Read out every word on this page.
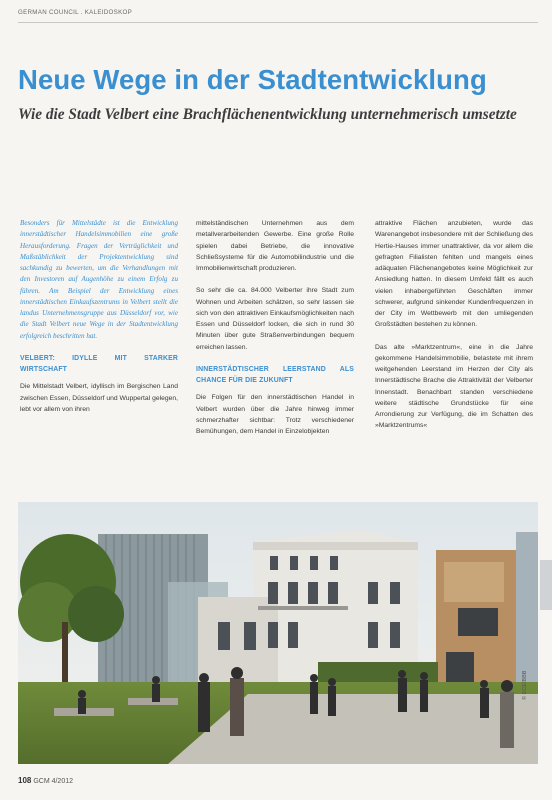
GERMAN COUNCIL . KALEIDOSKOP
Neue Wege in der Stadtentwicklung
Wie die Stadt Velbert eine Brachflächenentwicklung unternehmerisch umsetzte

Besonders für Mittelstädte ist die Entwicklung innerstädtischer Handelsimmobilien eine große Herausforderung. Fragen der Verträglichkeit und Maßstäblichkeit der Projektentwicklung sind sachkundig zu bewerten, um die Verhandlungen mit den Investoren auf Augenhöhe zu einem Erfolg zu führen. Am Beispiel der Entwicklung eines innerstädtischen Einkaufszentrums in Velbert stellt die landus Unternehmensgruppe aus Düsseldorf vor, wie die Stadt Velbert neue Wege in der Stadtentwicklung erfolgreich beschritten hat.

VELBERT: IDYLLE MIT STARKER WIRTSCHAFT

Die Mittelstadt Velbert, idyllisch im Bergischen Land zwischen Essen, Düsseldorf und Wuppertal gelegen, lebt vor allem von ihren

mittelständischen Unternehmen aus dem metallverarbeitenden Gewerbe. Eine große Rolle spielen dabei Betriebe, die innovative Schließsysteme für die Automobilindustrie und die Immobilienwirtschaft produzieren.

So sehr die ca. 84.000 Velberter ihre Stadt zum Wohnen und Arbeiten schätzen, so sehr lassen sie sich von den attraktiven Einkaufsmöglichkeiten nach Essen und Düsseldorf locken, die sich in rund 30 Minuten über gute Straßenverbindungen bequem erreichen lassen.

INNERSTÄDTISCHER LEERSTAND ALS CHANCE FÜR DIE ZUKUNFT

Die Folgen für den innerstädtischen Handel in Velbert wurden über die Jahre hinweg immer schmerzhafter sichtbar: Trotz verschiedener Bemühungen, dem Handel in Einzelobjekten

attraktive Flächen anzubieten, wurde das Warenangebot insbesondere mit der Schließung des Hertie-Hauses immer unattraktiver, da vor allem die gefragten Filialisten fehlten und mangels eines adäquaten Flächenangebotes keine Möglichkeit zur Ansiedlung hatten. In diesem Umfeld fällt es auch vielen inhabergeführten Geschäften immer schwerer, aufgrund sinkender Kundenfrequenzen in der City im Wettbewerb mit den umliegenden Großstädten bestehen zu können.

Das alte »Marktzentrum«, eine in die Jahre gekommene Handelsimmobilie, belastete mit ihrem weitgehenden Leerstand im Herzen der City als Innerstädtische Brache die Attraktivität der Velberter Innenstadt. Benachbart standen verschiedene weitere städtische Grundstücke für eine Arrondierung zur Verfügung, die im Schatten des »Marktzentrums«

© ECE/BBB
108 GCM 4/2012
